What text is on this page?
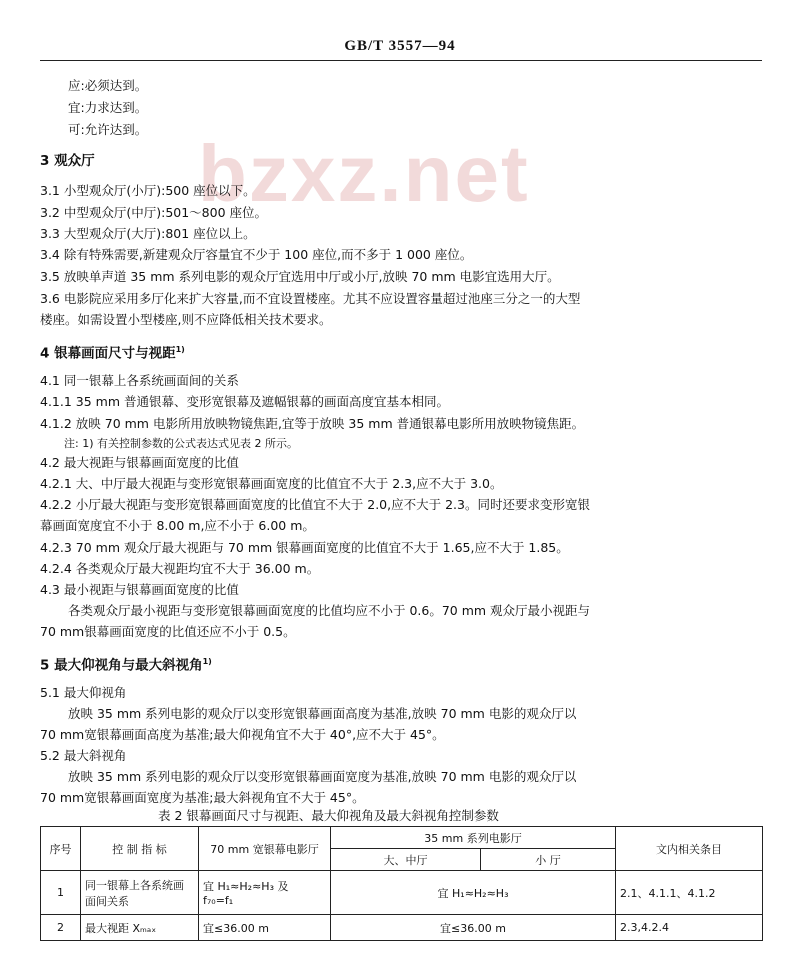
bzxz.net
GB/T 3557—94
应:必须达到。
宜:力求达到。
可:允许达到。
3 观众厅
3.1 小型观众厅(小厅):500 座位以下。
3.2 中型观众厅(中厅):501～800 座位。
3.3 大型观众厅(大厅):801 座位以上。
3.4 除有特殊需要,新建观众厅容量宜不少于 100 座位,而不多于 1 000 座位。
3.5 放映单声道 35 mm 系列电影的观众厅宜选用中厅或小厅,放映 70 mm 电影宜选用大厅。
3.6 电影院应采用多厅化来扩大容量,而不宜设置楼座。尤其不应设置容量超过池座三分之一的大型
楼座。如需设置小型楼座,则不应降低相关技术要求。
4 银幕画面尺寸与视距$^{1)}$
4.1 同一银幕上各系统画面间的关系
4.1.1 35 mm 普通银幕、变形宽银幕及遮幅银幕的画面高度宜基本相同。
4.1.2 放映 70 mm 电影所用放映物镜焦距,宜等于放映 35 mm 普通银幕电影所用放映物镜焦距。
注: 1) 有关控制参数的公式表达式见表 2 所示。
4.2 最大视距与银幕画面宽度的比值
4.2.1 大、中厅最大视距与变形宽银幕画面宽度的比值宜不大于 2.3,应不大于 3.0。
4.2.2 小厅最大视距与变形宽银幕画面宽度的比值宜不大于 2.0,应不大于 2.3。同时还要求变形宽银
幕画面宽度宜不小于 8.00 m,应不小于 6.00 m。
4.2.3 70 mm 观众厅最大视距与 70 mm 银幕画面宽度的比值宜不大于 1.65,应不大于 1.85。
4.2.4 各类观众厅最大视距均宜不大于 36.00 m。
4.3 最小视距与银幕画面宽度的比值
各类观众厅最小视距与变形宽银幕画面宽度的比值均应不小于 0.6。70 mm 观众厅最小视距与
70 mm银幕画面宽度的比值还应不小于 0.5。
5 最大仰视角与最大斜视角$^{1)}$
5.1 最大仰视角
放映 35 mm 系列电影的观众厅以变形宽银幕画面高度为基准,放映 70 mm 电影的观众厅以
70 mm宽银幕画面高度为基准;最大仰视角宜不大于 40°,应不大于 45°。
5.2 最大斜视角
放映 35 mm 系列电影的观众厅以变形宽银幕画面宽度为基准,放映 70 mm 电影的观众厅以
70 mm宽银幕画面宽度为基准;最大斜视角宜不大于 45°。
表 2 银幕画面尺寸与视距、最大仰视角及最大斜视角控制参数
序号	控 制 指 标	70 mm 宽银幕电影厅	35 mm 系列电影厅		文内相关条目
			大、中厅	小 厅	
1	同一银幕上各系统画面间关系	宜 H₁≈H₂≈H₃ 及
f₇₀=f₁	宜 H₁≈H₂≈H₃		2.1、4.1.1、4.1.2
2	最大视距 Xₘₐₓ	宜≤36.00 m	宜≤36.00 m		2.3,4.2.4
